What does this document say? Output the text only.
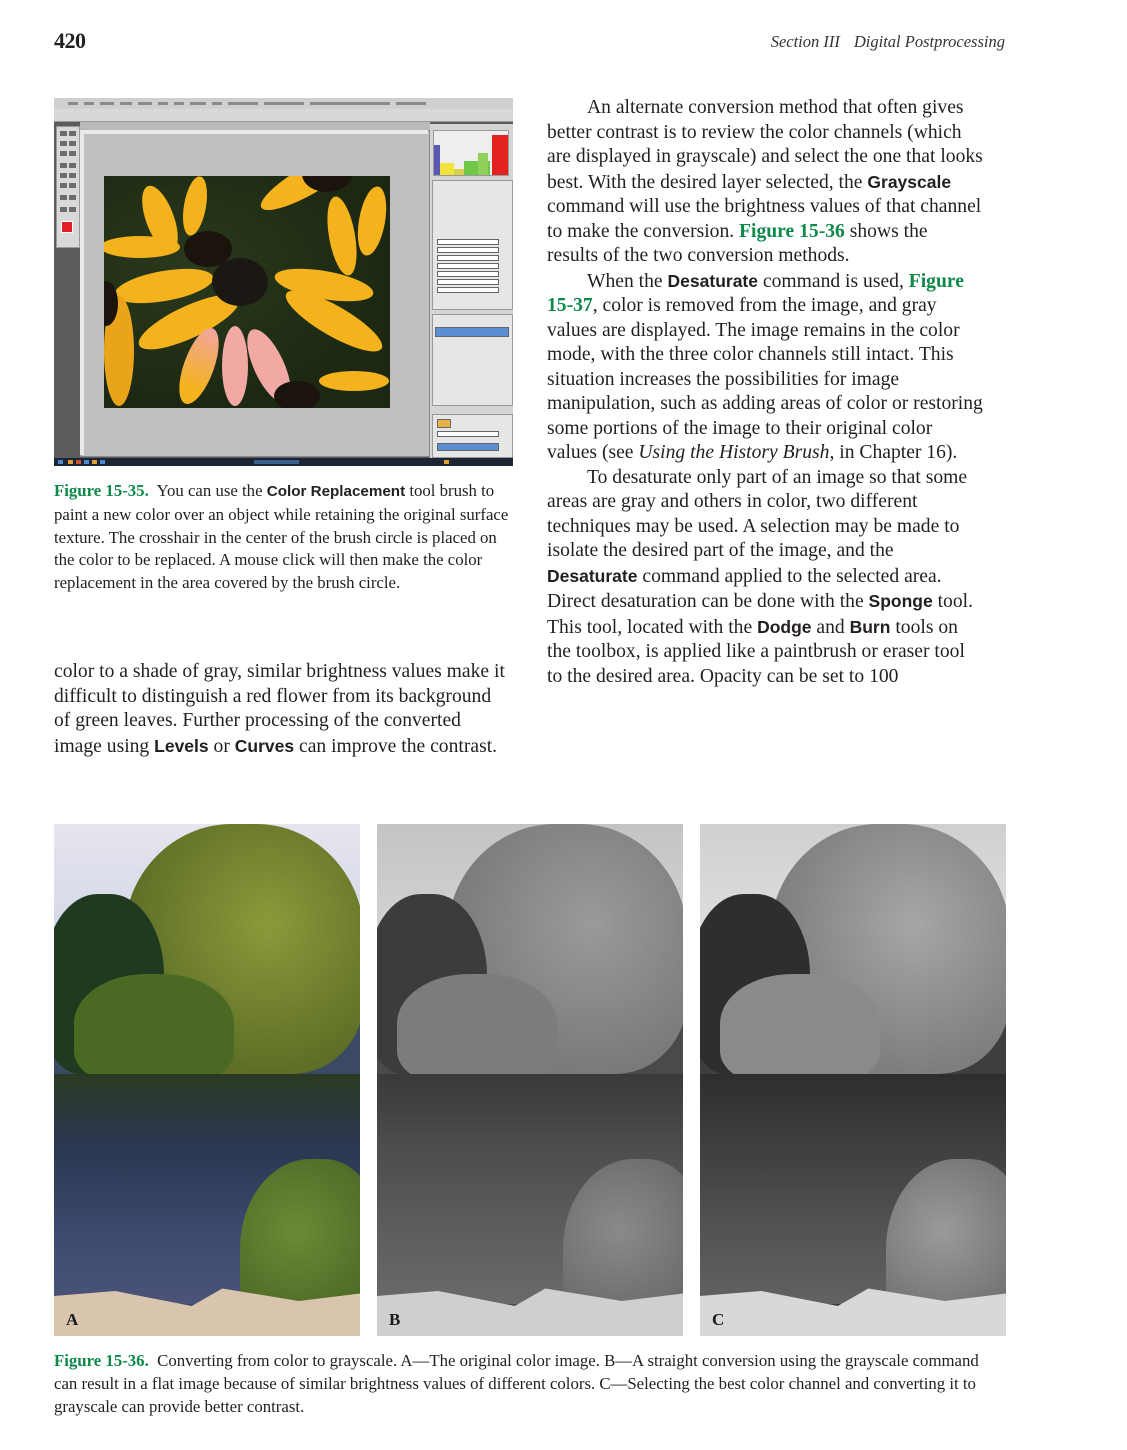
420	Section III Digital Postprocessing
Figure 15-35. You can use the Color Replacement tool brush to paint a new color over an object while retaining the original surface texture. The crosshair in the center of the brush circle is placed on the color to be replaced. A mouse click will then make the color replacement in the area covered by the brush circle.

color to a shade of gray, similar brightness values make it difficult to distinguish a red flower from its background of green leaves. Further processing of the converted image using Levels or Curves can improve the contrast.

An alternate conversion method that often gives better contrast is to review the color channels (which are displayed in grayscale) and select the one that looks best. With the desired layer selected, the Grayscale command will use the brightness values of that channel to make the conversion. Figure 15-36 shows the results of the two conversion methods.

When the Desaturate command is used, Figure 15-37, color is removed from the image, and gray values are displayed. The image remains in the color mode, with the three color channels still intact. This situation increases the possibilities for image manipulation, such as adding areas of color or restoring some portions of the image to their original color values (see Using the History Brush, in Chapter 16).

To desaturate only part of an image so that some areas are gray and others in color, two different techniques may be used. A selection may be made to isolate the desired part of the image, and the Desaturate command applied to the selected area. Direct desaturation can be done with the Sponge tool. This tool, located with the Dodge and Burn tools on the toolbox, is applied like a paintbrush or eraser tool to the desired area. Opacity can be set to 100

A	B	C
Figure 15-36. Converting from color to grayscale. A—The original color image. B—A straight conversion using the grayscale command can result in a flat image because of similar brightness values of different colors. C—Selecting the best color channel and converting it to grayscale can provide better contrast.
